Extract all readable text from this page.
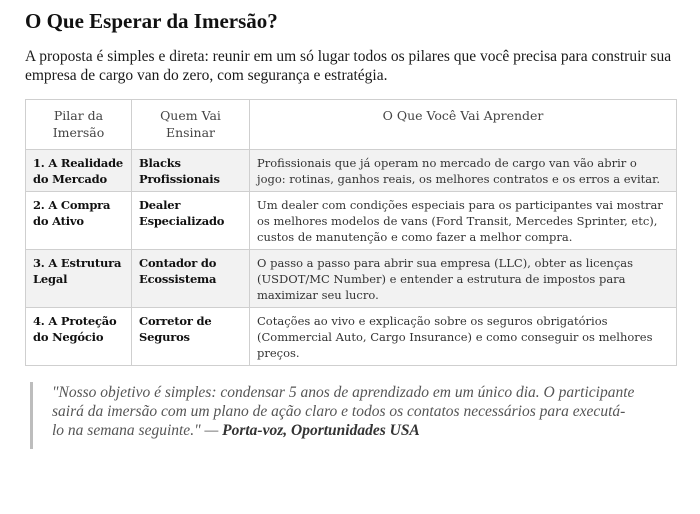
O Que Esperar da Imersão?

A proposta é simples e direta: reunir em um só lugar todos os pilares que você precisa para construir sua empresa de cargo van do zero, com segurança e estratégia.

Pilar da Imersão	Quem Vai Ensinar	O Que Você Vai Aprender
1. A Realidade do Mercado	Blacks Profissionais	Profissionais que já operam no mercado de cargo van vão abrir o jogo: rotinas, ganhos reais, os melhores contratos e os erros a evitar.
2. A Compra do Ativo	Dealer Especializado	Um dealer com condições especiais para os participantes vai mostrar os melhores modelos de vans (Ford Transit, Mercedes Sprinter, etc), custos de manutenção e como fazer a melhor compra.
3. A Estrutura Legal	Contador do Ecossistema	O passo a passo para abrir sua empresa (LLC), obter as licenças (USDOT/MC Number) e entender a estrutura de impostos para maximizar seu lucro.
4. A Proteção do Negócio	Corretor de Seguros	Cotações ao vivo e explicação sobre os seguros obrigatórios (Commercial Auto, Cargo Insurance) e como conseguir os melhores preços.
"Nosso objetivo é simples: condensar 5 anos de aprendizado em um único dia. O participante sairá da imersão com um plano de ação claro e todos os contatos necessários para executá-lo na semana seguinte." — Porta-voz, Oportunidades USA
